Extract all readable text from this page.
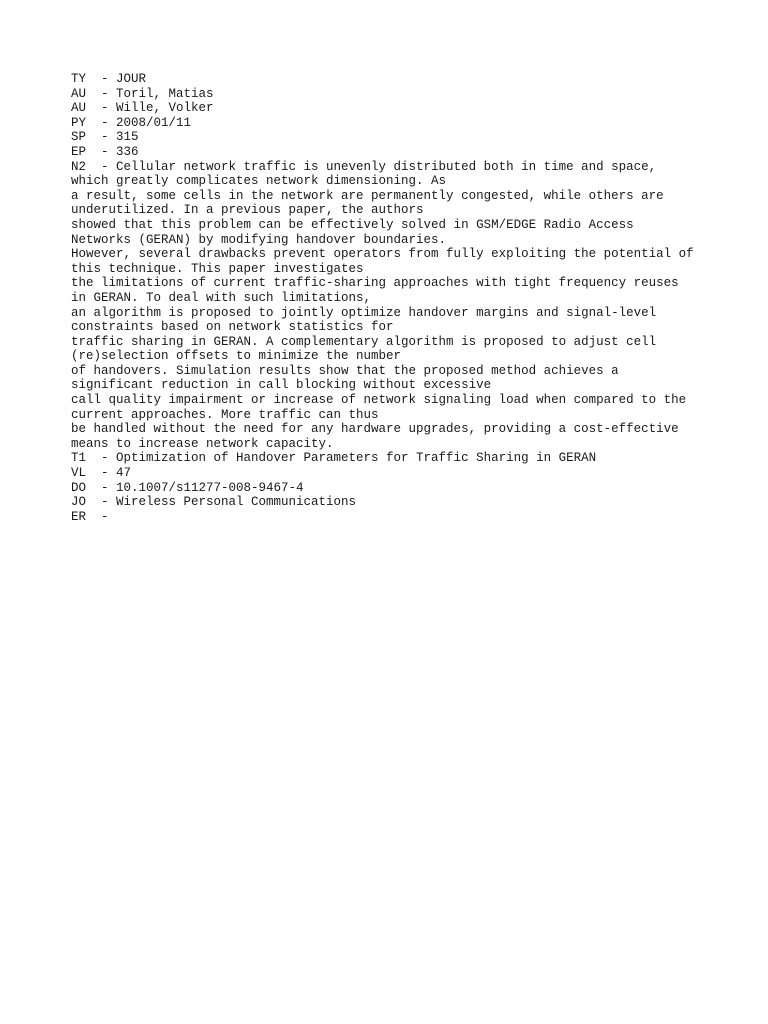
TY  - JOUR
AU  - Toril, Matias
AU  - Wille, Volker
PY  - 2008/01/11
SP  - 315
EP  - 336
N2  - Cellular network traffic is unevenly distributed both in time and space,
which greatly complicates network dimensioning. As
a result, some cells in the network are permanently congested, while others are
underutilized. In a previous paper, the authors
showed that this problem can be effectively solved in GSM/EDGE Radio Access
Networks (GERAN) by modifying handover boundaries.
However, several drawbacks prevent operators from fully exploiting the potential of
this technique. This paper investigates
the limitations of current traffic-sharing approaches with tight frequency reuses
in GERAN. To deal with such limitations,
an algorithm is proposed to jointly optimize handover margins and signal-level
constraints based on network statistics for
traffic sharing in GERAN. A complementary algorithm is proposed to adjust cell
(re)selection offsets to minimize the number
of handovers. Simulation results show that the proposed method achieves a
significant reduction in call blocking without excessive
call quality impairment or increase of network signaling load when compared to the
current approaches. More traffic can thus
be handled without the need for any hardware upgrades, providing a cost-effective
means to increase network capacity.
T1  - Optimization of Handover Parameters for Traffic Sharing in GERAN
VL  - 47
DO  - 10.1007/s11277-008-9467-4
JO  - Wireless Personal Communications
ER  -
